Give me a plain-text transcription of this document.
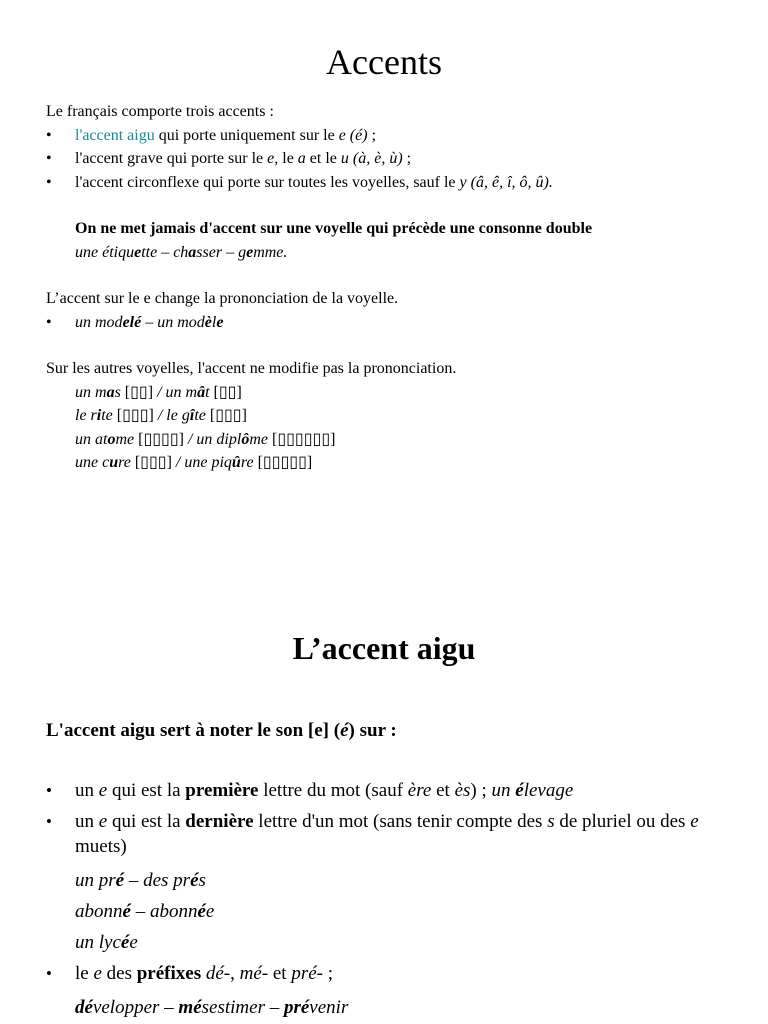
Accents
Le français comporte trois accents :
• l'accent aigu qui porte uniquement sur le e (é) ;
• l'accent grave qui porte sur le e, le a et le u (à, è, ù) ;
• l'accent circonflexe qui porte sur toutes les voyelles, sauf le y (â, ê, î, ô, û).
On ne met jamais d'accent sur une voyelle qui précède une consonne double
une étiquette – chasser – gemme.
L’accent sur le e change la prononciation de la voyelle.
• un modelé – un modèle
Sur les autres voyelles, l'accent ne modifie pas la prononciation.
un mas [▯▯] / un mât [▯▯]
le rite [▯▯▯] / le gîte [▯▯▯]
un atome [▯▯▯▯] / un diplôme [▯▯▯▯▯▯]
une cure [▯▯▯] / une piqûre [▯▯▯▯▯]
L’accent aigu
L'accent aigu sert à noter le son [e] (é) sur :
• un e qui est la première lettre du mot (sauf ère et ès) ; un élevage
• un e qui est la dernière lettre d'un mot (sans tenir compte des s de pluriel ou des e muets)
un pré – des prés
abonné – abonnée
un lycée
• le e des préfixes dé-, mé- et pré- ;
développer – mésestimer – prévenir
